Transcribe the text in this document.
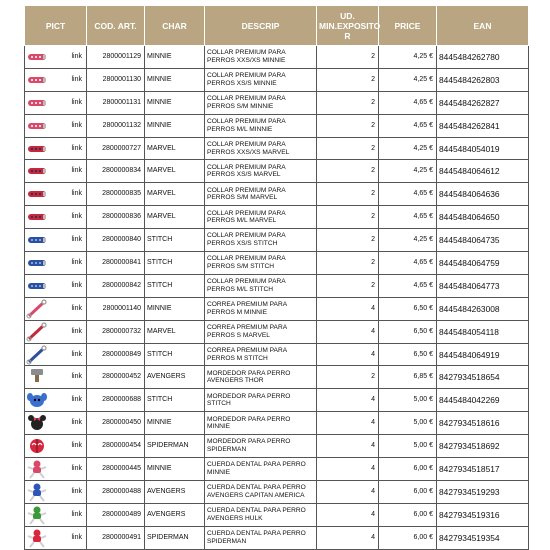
PICT	COD. ART.	CHAR	DESCRIP	UD. MIN.EXPOSITO R	PRICE	EAN

link	2800001129	MINNIE	COLLAR PREMIUM PARA PERROS XXS/XS MINNIE	2	4,25 €	8445484262780

link	2800001130	MINNIE	COLLAR PREMIUM PARA PERROS XS/S MINNIE	2	4,25 €	8445484262803

link	2800001131	MINNIE	COLLAR PREMIUM PARA PERROS S/M MINNIE	2	4,65 €	8445484262827

link	2800001132	MINNIE	COLLAR PREMIUM PARA PERROS M/L MINNIE	2	4,65 €	8445484262841

link	2800000727	MARVEL	COLLAR PREMIUM PARA PERROS XXS/XS MARVEL	2	4,25 €	8445484054019

link	2800000834	MARVEL	COLLAR PREMIUM PARA PERROS XS/S MARVEL	2	4,25 €	8445484064612

link	2800000835	MARVEL	COLLAR PREMIUM PARA PERROS S/M MARVEL	2	4,65 €	8445484064636

link	2800000836	MARVEL	COLLAR PREMIUM PARA PERROS M/L MARVEL	2	4,65 €	8445484064650

link	2800000840	STITCH	COLLAR PREMIUM PARA PERROS XS/S STITCH	2	4,25 €	8445484064735

link	2800000841	STITCH	COLLAR PREMIUM PARA PERROS S/M STITCH	2	4,65 €	8445484064759

link	2800000842	STITCH	COLLAR PREMIUM PARA PERROS M/L STITCH	2	4,65 €	8445484064773

link	2800001140	MINNIE	CORREA PREMIUM PARA PERROS M MINNIE	4	6,50 €	8445484263008

link	2800000732	MARVEL	CORREA PREMIUM PARA PERROS S MARVEL	4	6,50 €	8445484054118

link	2800000849	STITCH	CORREA PREMIUM PARA PERROS M STITCH	4	6,50 €	8445484064919

link	2800000452	AVENGERS	MORDEDOR PARA PERRO AVENGERS THOR	2	6,85 €	8427934518654

link	2800000688	STITCH	MORDEDOR PARA PERRO STITCH	4	5,00 €	8445484042269

link	2800000450	MINNIE	MORDEDOR PARA PERRO MINNIE	4	5,00 €	8427934518616

link	2800000454	SPIDERMAN	MORDEDOR PARA PERRO SPIDERMAN	4	5,00 €	8427934518692

link	2800000445	MINNIE	CUERDA DENTAL PARA PERRO MINNIE	4	6,00 €	8427934518517

link	2800000488	AVENGERS	CUERDA DENTAL PARA PERRO AVENGERS CAPITAN AMERICA	4	6,00 €	8427934519293

link	2800000489	AVENGERS	CUERDA DENTAL PARA PERRO AVENGERS HULK	4	6,00 €	8427934519316

link	2800000491	SPIDERMAN	CUERDA DENTAL PARA PERRO SPIDERMAN	4	6,00 €	8427934519354
